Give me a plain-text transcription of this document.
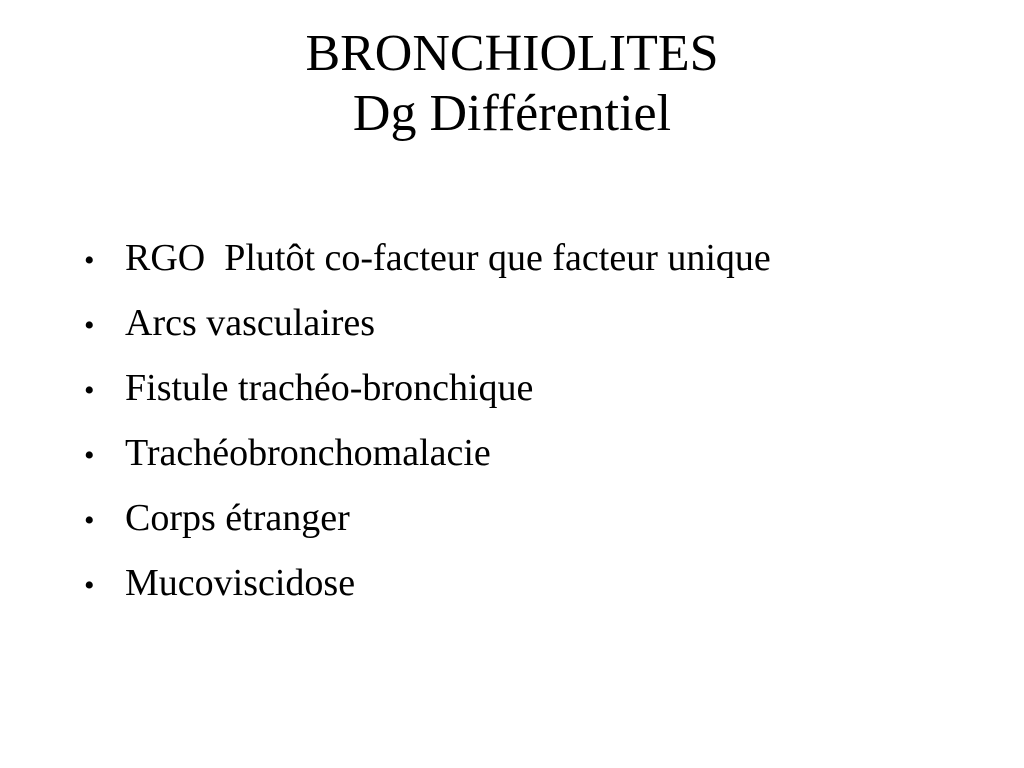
BRONCHIOLITES
Dg Différentiel
• RGO  Plutôt co-facteur que facteur unique
• Arcs vasculaires
• Fistule trachéo-bronchique
• Trachéobronchomalacie
• Corps étranger
• Mucoviscidose
